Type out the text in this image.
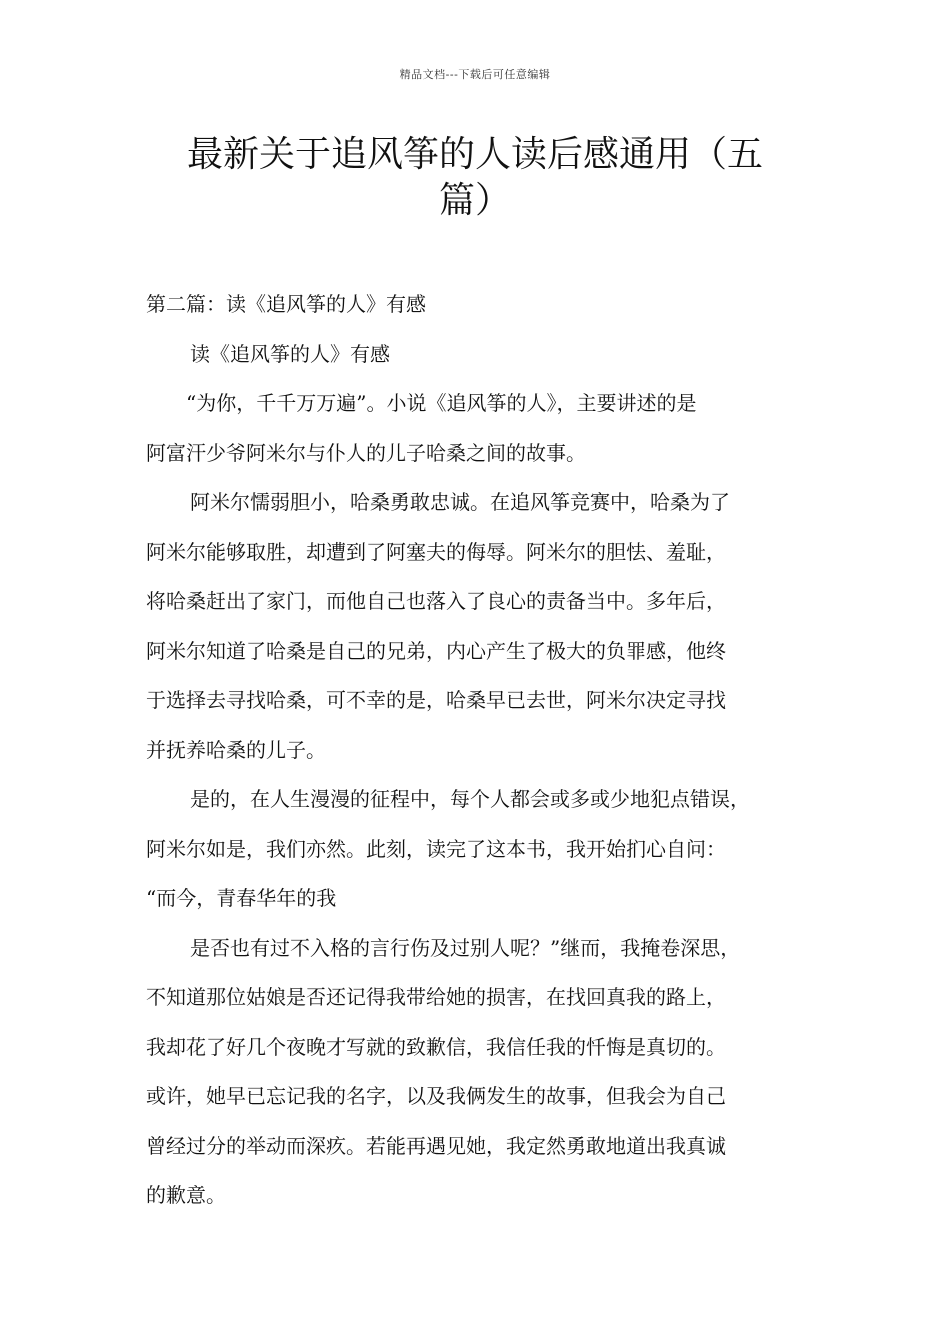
精品文档---下载后可任意编辑
最新关于追风筝的人读后感通用（五
篇）
第二篇：读《追风筝的人》有感
读《追风筝的人》有感
“为你，千千万万遍”。小说《追风筝的人》，主要讲述的是
阿富汗少爷阿米尔与仆人的儿子哈桑之间的故事。
阿米尔懦弱胆小，哈桑勇敢忠诚。在追风筝竞赛中，哈桑为了
阿米尔能够取胜，却遭到了阿塞夫的侮辱。阿米尔的胆怯、羞耻，
将哈桑赶出了家门，而他自己也落入了良心的责备当中。多年后，
阿米尔知道了哈桑是自己的兄弟，内心产生了极大的负罪感，他终
于选择去寻找哈桑，可不幸的是，哈桑早已去世，阿米尔决定寻找
并抚养哈桑的儿子。
是的，在人生漫漫的征程中，每个人都会或多或少地犯点错误，
阿米尔如是，我们亦然。此刻，读完了这本书，我开始扪心自问：
“而今，青春华年的我
是否也有过不入格的言行伤及过别人呢？”继而，我掩卷深思，
不知道那位姑娘是否还记得我带给她的损害，在找回真我的路上，
我却花了好几个夜晚才写就的致歉信，我信任我的忏悔是真切的。
或许，她早已忘记我的名字，以及我俩发生的故事，但我会为自己
曾经过分的举动而深疚。若能再遇见她，我定然勇敢地道出我真诚
的歉意。
